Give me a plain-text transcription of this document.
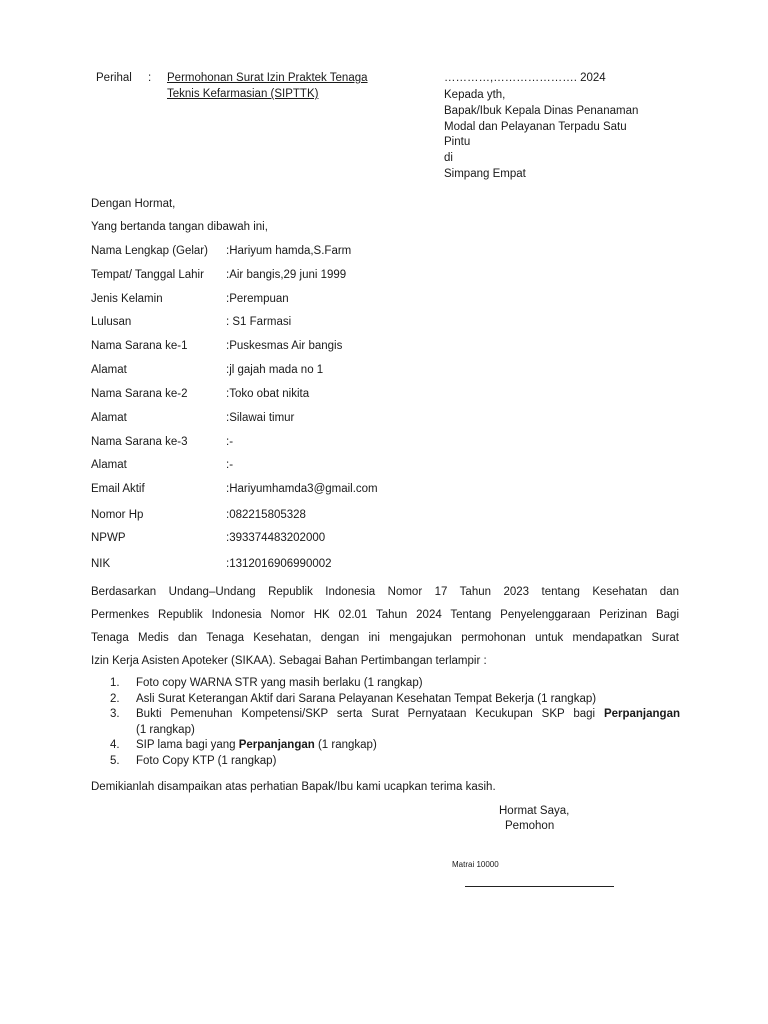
Perihal : Permohonan Surat Izin Praktek Tenaga
Teknis Kefarmasian (SIPTTK)
…………,…………………. 2024
Kepada yth,
Bapak/Ibuk Kepala Dinas Penanaman
Modal dan Pelayanan Terpadu Satu
Pintu
di
Simpang Empat
Dengan Hormat,
Yang bertanda tangan dibawah ini,
Nama Lengkap (Gelar) :Hariyum hamda,S.Farm
Tempat/ Tanggal Lahir :Air bangis,29 juni 1999
Jenis Kelamin	:Perempuan
Lulusan	: S1 Farmasi
Nama Sarana ke-1	:Puskesmas Air bangis
Alamat	:jl gajah mada no 1
Nama Sarana ke-2	:Toko obat nikita
Alamat	:Silawai timur
Nama Sarana ke-3	:-
Alamat	:-
Email Aktif	:Hariyumhamda3@gmail.com
Nomor Hp	:082215805328
NPWP	:393374483202000
NIK	:1312016906990002
Berdasarkan Undang–Undang Republik Indonesia Nomor 17 Tahun 2023 tentang Kesehatan dan
Permenkes Republik Indonesia Nomor HK 02.01 Tahun 2024 Tentang Penyelenggaraan Perizinan Bagi
Tenaga Medis dan Tenaga Kesehatan, dengan ini mengajukan permohonan untuk mendapatkan Surat
Izin Kerja Asisten Apoteker (SIKAA). Sebagai Bahan Pertimbangan terlampir :
1. Foto copy WARNA STR yang masih berlaku (1 rangkap)
2. Asli Surat Keterangan Aktif dari Sarana Pelayanan Kesehatan Tempat Bekerja (1 rangkap)
3. Bukti Pemenuhan Kompetensi/SKP serta Surat Pernyataan Kecukupan SKP bagi Perpanjangan
(1 rangkap)
4. SIP lama bagi yang Perpanjangan (1 rangkap)
5. Foto Copy KTP (1 rangkap)
Demikianlah disampaikan atas perhatian Bapak/Ibu kami ucapkan terima kasih.
Hormat Saya,
Pemohon
Matrai 10000
